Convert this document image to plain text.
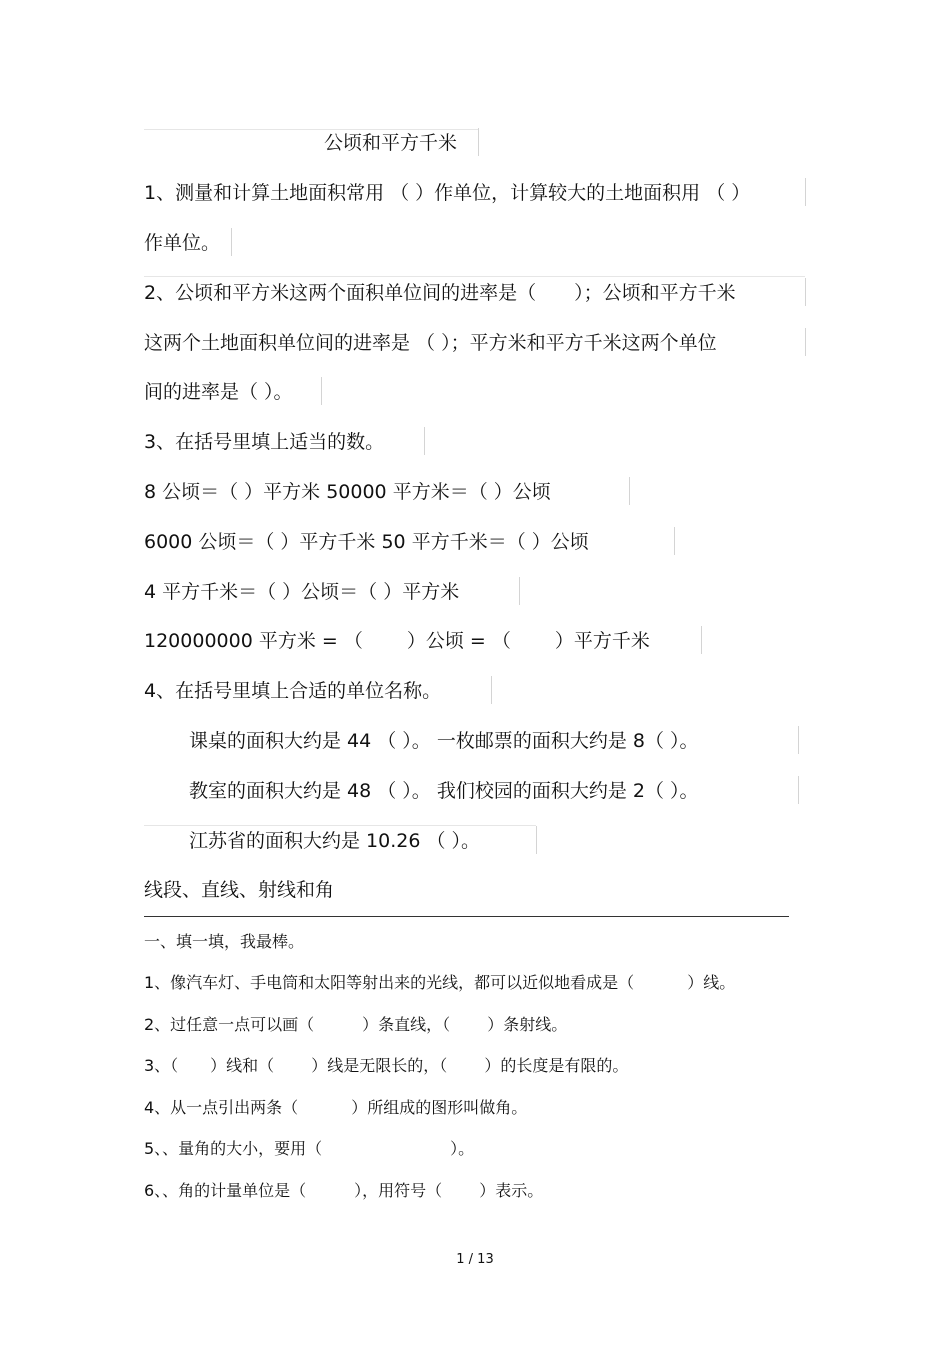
公顷和平方千米
1、测量和计算土地面积常用 （ ）作单位，计算较大的土地面积用 （ ）
作单位。
2、公顷和平方米这两个面积单位间的进率是（　　）；公顷和平方千米
这两个土地面积单位间的进率是 （ ）；平方米和平方千米这两个单位
间的进率是（ ）。
3、在括号里填上适当的数。
8 公顷＝（ ）平方米 50000 平方米＝（ ）公顷
6000 公顷＝（ ）平方千米 50 平方千米＝（ ）公顷
4 平方千米＝（ ）公顷＝（ ）平方米
120000000 平方米 = （　　 ）公顷 = （　　 ）平方千米
4、在括号里填上合适的单位名称。
课桌的面积大约是 44 （ ）。 一枚邮票的面积大约是 8（ ）。
教室的面积大约是 48 （ ）。 我们校园的面积大约是 2（ ）。
江苏省的面积大约是 10.26 （ ）。
线段、直线、射线和角
一、填一填，我最棒。
1、像汽车灯、手电筒和太阳等射出来的光线，都可以近似地看成是（　　　 ）线。
2、过任意一点可以画（　　　）条直线，（　　 ）条射线。
3、（　　）线和（　　 ）线是无限长的，（　　 ）的长度是有限的。
4、从一点引出两条（　　　 ）所组成的图形叫做角。
5、、量角的大小，要用（　　　　　　　　）。
6、、角的计量单位是（　　　），用符号（　　 ）表示。
1 / 13
